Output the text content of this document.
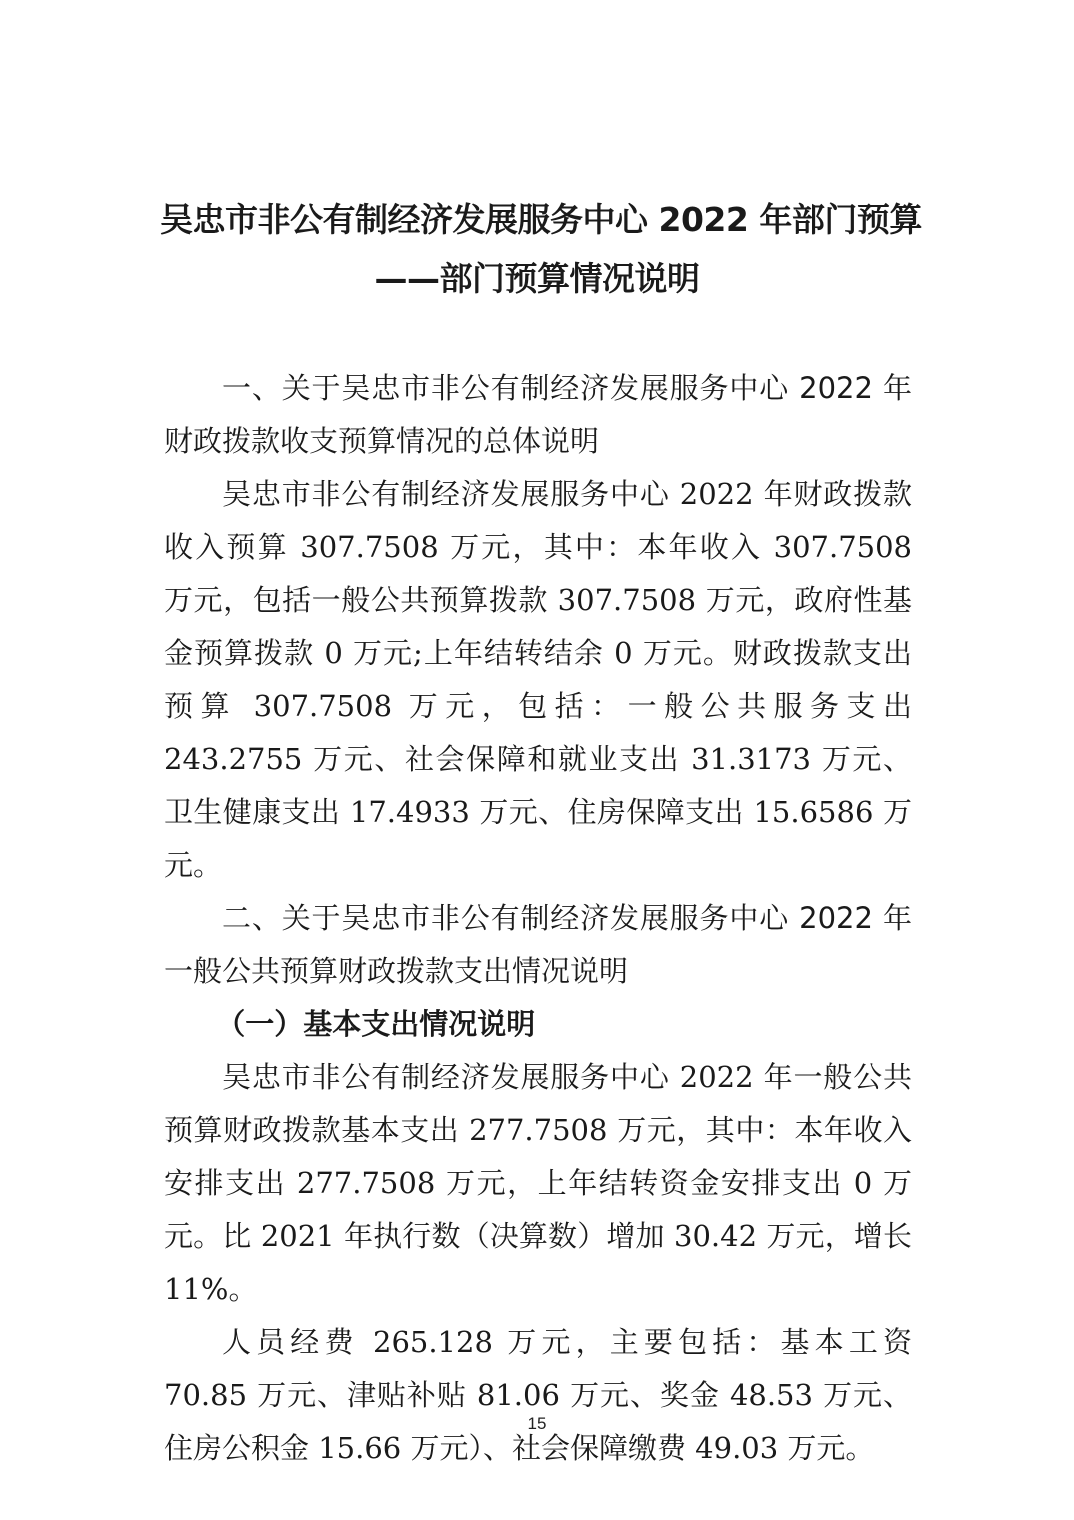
吴忠市非公有制经济发展服务中心 2022 年部门预算
——部门预算情况说明

一、关于吴忠市非公有制经济发展服务中心 2022 年财政拨款收支预算情况的总体说明

吴忠市非公有制经济发展服务中心 2022 年财政拨款收入预算 307.7508 万元，其中：本年收入 307.7508 万元，包括一般公共预算拨款 307.7508 万元，政府性基金预算拨款 0 万元;上年结转结余 0 万元。财政拨款支出预算 307.7508 万元，包括：一般公共服务支出 243.2755 万元、社会保障和就业支出 31.3173 万元、卫生健康支出 17.4933 万元、住房保障支出 15.6586 万元。

二、关于吴忠市非公有制经济发展服务中心 2022 年一般公共预算财政拨款支出情况说明

（一）基本支出情况说明

吴忠市非公有制经济发展服务中心 2022 年一般公共预算财政拨款基本支出 277.7508 万元，其中：本年收入安排支出 277.7508 万元，上年结转资金安排支出 0 万元。比 2021 年执行数（决算数）增加 30.42 万元，增长 11%。

人员经费 265.128 万元，主要包括：基本工资 70.85 万元、津贴补贴 81.06 万元、奖金 48.53 万元、住房公积金 15.66 万元）、社会保障缴费 49.03 万元。

15
